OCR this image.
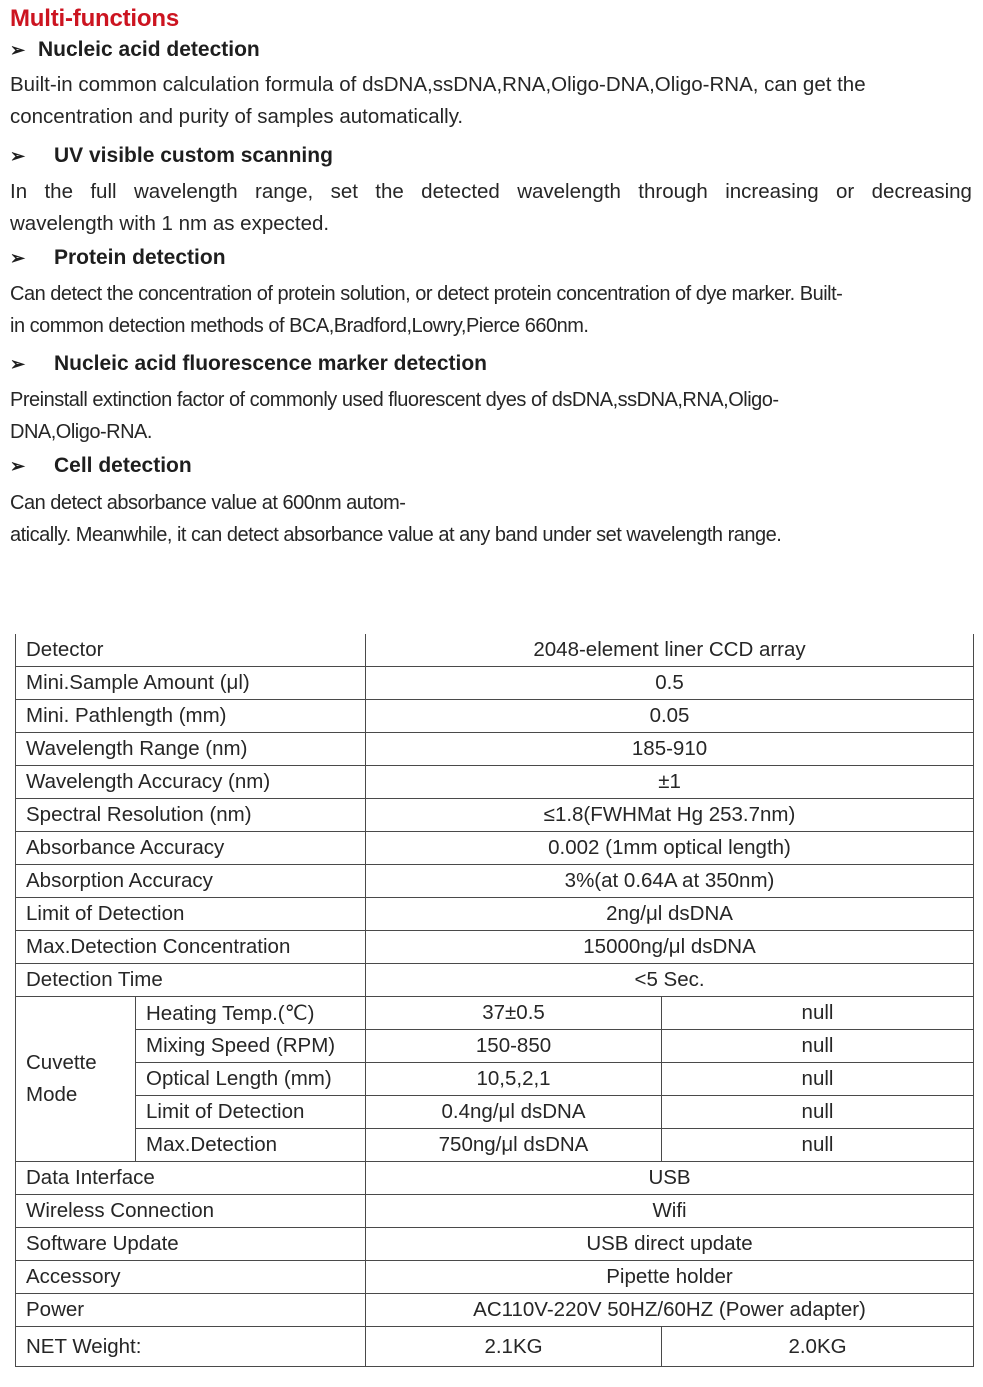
Multi-functions
➢ Nucleic acid detection
Built-in common calculation formula of dsDNA,ssDNA,RNA,Oligo-DNA,Oligo-RNA, can get the
concentration and purity of samples automatically.
➢	UV visible custom scanning
In the full wavelength range, set the detected wavelength through increasing or decreasing
wavelength with 1 nm as expected.
➢	Protein detection
Can detect the concentration of protein solution, or detect protein concentration of dye marker. Built-
in common detection methods of BCA,Bradford,Lowry,Pierce 660nm.
➢	Nucleic acid fluorescence marker detection
Preinstall extinction factor of commonly used fluorescent dyes of dsDNA,ssDNA,RNA,Oligo-
DNA,Oligo-RNA.
➢	Cell detection
Can detect absorbance value at 600nm autom-
atically. Meanwhile, it can detect absorbance value at any band under set wavelength range.
Detector		2048-element liner CCD array	
Mini.Sample Amount (μl)		0.5	
Mini. Pathlength (mm)		0.05	
Wavelength Range (nm)		185-910	
Wavelength Accuracy (nm)		±1	
Spectral Resolution (nm)		≤1.8(FWHMat Hg 253.7nm)	
Absorbance Accuracy		0.002 (1mm optical length)	
Absorption Accuracy		3%(at 0.64A at 350nm)	
Limit of Detection		2ng/μl dsDNA	
Max.Detection Concentration		15000ng/μl dsDNA	
Detection Time		<5 Sec.	

Cuvette
Mode	Heating Temp.(℃)	37±0.5	null
	Mixing Speed (RPM)	150-850	null
	Optical Length (mm)	10,5,2,1	null
	Limit of Detection	0.4ng/μl dsDNA	null
	Max.Detection	750ng/μl dsDNA	null
Data Interface		USB	
Wireless Connection		Wifi	
Software Update		USB direct update	
Accessory		Pipette holder	
Power		AC110V-220V 50HZ/60HZ (Power adapter)	
NET Weight:		2.1KG	2.0KG
